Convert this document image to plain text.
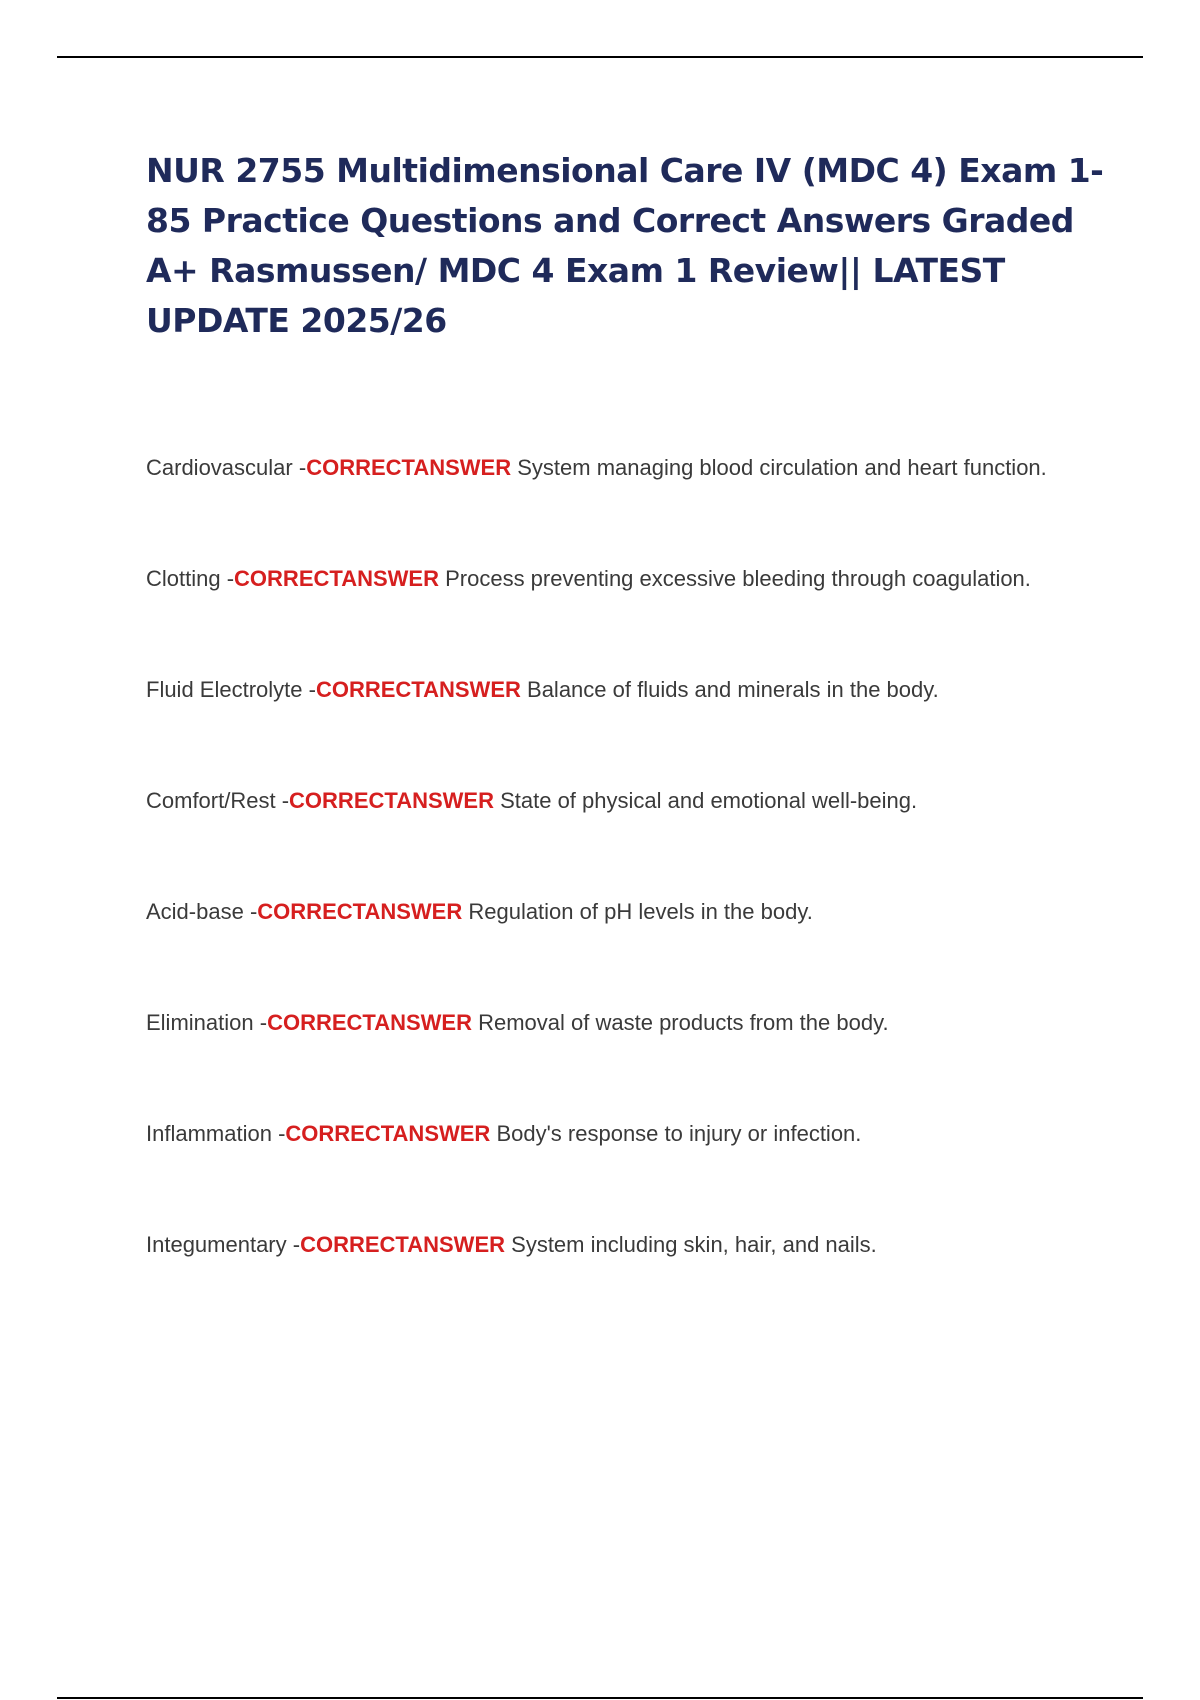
NUR 2755 Multidimensional Care IV (MDC 4) Exam 1-85 Practice Questions and Correct Answers Graded A+ Rasmussen/ MDC 4 Exam 1 Review|| LATEST UPDATE 2025/26
Cardiovascular -CORRECTANSWER System managing blood circulation and heart function.
Clotting -CORRECTANSWER Process preventing excessive bleeding through coagulation.
Fluid Electrolyte -CORRECTANSWER Balance of fluids and minerals in the body.
Comfort/Rest -CORRECTANSWER State of physical and emotional well-being.
Acid-base -CORRECTANSWER Regulation of pH levels in the body.
Elimination -CORRECTANSWER Removal of waste products from the body.
Inflammation -CORRECTANSWER Body's response to injury or infection.
Integumentary -CORRECTANSWER System including skin, hair, and nails.
